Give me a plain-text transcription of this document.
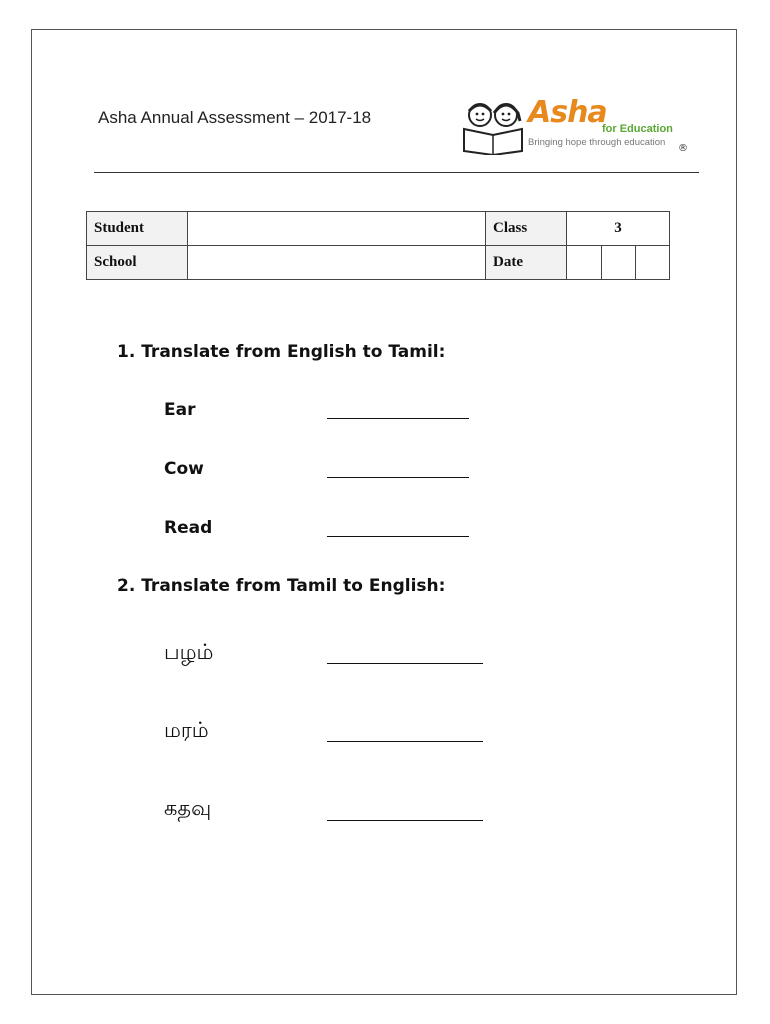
Asha Annual Assessment – 2017-18	Asha
for Education
Bringing hope through education
®
Student		Class	3		
School		Date			
1. Translate from English to Tamil:
Ear
Cow
Read
2. Translate from Tamil to English:
பழம்
மரம்
கதவு
